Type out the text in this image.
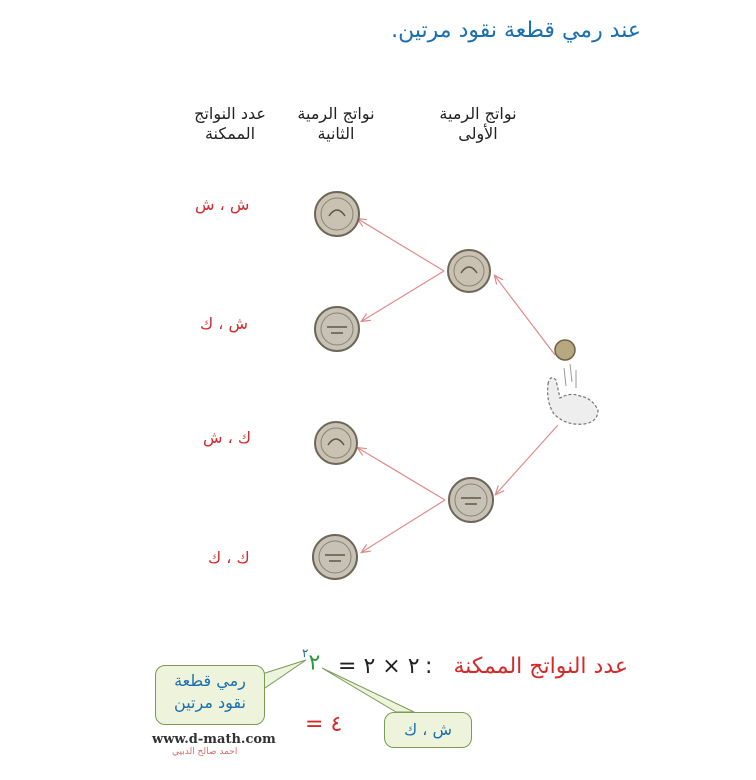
عند رمي قطعة نقود مرتين.
عدد النواتج
الممكنة
نواتج الرمية
الثانية
نواتج الرمية
الأولى
ش ، ش
ش ، ك
ك ، ش
ك ، ك
عدد النواتج الممكنة
:
= ٢ × ٢
$^٢$٢
رمي قطعة
نقود مرتين
ش ، ك
= ٤
www.d-math.com
احمد صالح الدبيي
